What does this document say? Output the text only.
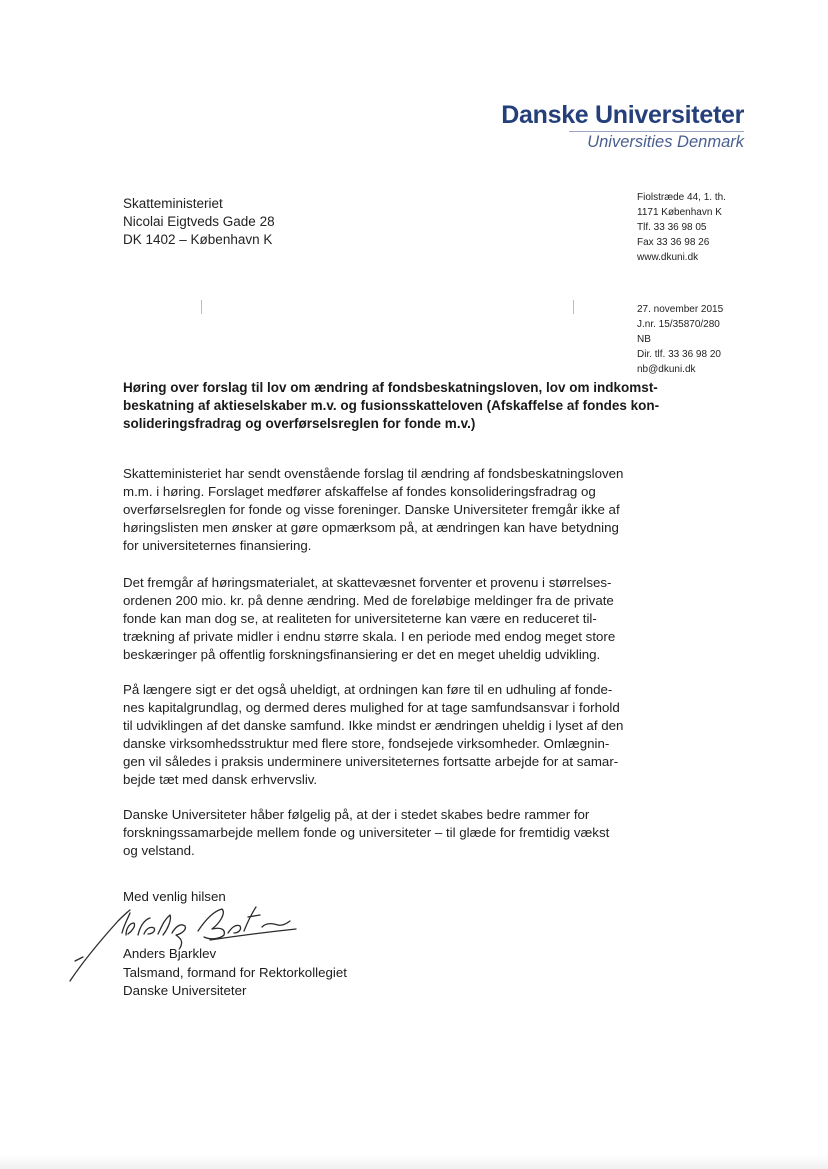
Danske Universiteter
Universities Denmark
Skatteministeriet
Nicolai Eigtveds Gade 28
DK 1402 – København K
Fiolstræde 44, 1. th.
1171 København K
Tlf. 33 36 98 05
Fax 33 36 98 26
www.dkuni.dk
27. november 2015
J.nr. 15/35870/280
NB
Dir. tlf. 33 36 98 20
nb@dkuni.dk
Høring over forslag til lov om ændring af fondsbeskatningsloven, lov om indkomst-
beskatning af aktieselskaber m.v. og fusionsskatteloven (Afskaffelse af fondes kon-
solideringsfradrag og overførselsreglen for fonde m.v.)
Skatteministeriet har sendt ovenstående forslag til ændring af fondsbeskatningsloven
m.m. i høring. Forslaget medfører afskaffelse af fondes konsolideringsfradrag og
overførselsreglen for fonde og visse foreninger. Danske Universiteter fremgår ikke af
høringslisten men ønsker at gøre opmærksom på, at ændringen kan have betydning
for universiteternes finansiering.
Det fremgår af høringsmaterialet, at skattevæsnet forventer et provenu i størrelses-
ordenen 200 mio. kr. på denne ændring. Med de foreløbige meldinger fra de private
fonde kan man dog se, at realiteten for universiteterne kan være en reduceret til-
trækning af private midler i endnu større skala. I en periode med endog meget store
beskæringer på offentlig forskningsfinansiering er det en meget uheldig udvikling.
På længere sigt er det også uheldigt, at ordningen kan føre til en udhuling af fonde-
nes kapitalgrundlag, og dermed deres mulighed for at tage samfundsansvar i forhold
til udviklingen af det danske samfund. Ikke mindst er ændringen uheldig i lyset af den
danske virksomhedsstruktur med flere store, fondsejede virksomheder. Omlægnin-
gen vil således i praksis underminere universiteternes fortsatte arbejde for at samar-
bejde tæt med dansk erhvervsliv.
Danske Universiteter håber følgelig på, at der i stedet skabes bedre rammer for
forskningssamarbejde mellem fonde og universiteter – til glæde for fremtidig vækst
og velstand.
Med venlig hilsen
Anders Bjarklev
Talsmand, formand for Rektorkollegiet
Danske Universiteter
